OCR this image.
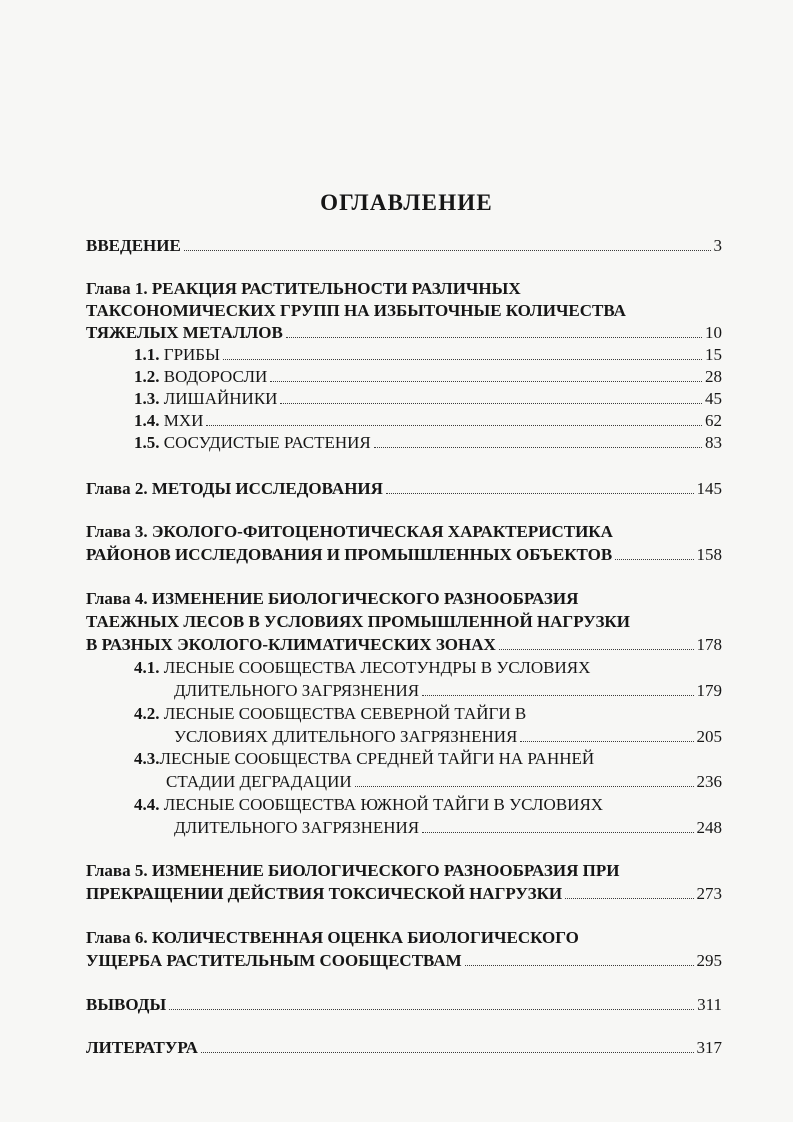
ОГЛАВЛЕНИЕ
ВВЕДЕНИЕ	3
Глава 1. РЕАКЦИЯ РАСТИТЕЛЬНОСТИ РАЗЛИЧНЫХ
ТАКСОНОМИЧЕСКИХ ГРУПП НА ИЗБЫТОЧНЫЕ КОЛИЧЕСТВА
ТЯЖЕЛЫХ МЕТАЛЛОВ	10
1.1. ГРИБЫ	15
1.2. ВОДОРОСЛИ	28
1.3. ЛИШАЙНИКИ	45
1.4. МХИ	62
1.5. СОСУДИСТЫЕ РАСТЕНИЯ	83
Глава 2. МЕТОДЫ ИССЛЕДОВАНИЯ	145
Глава 3. ЭКОЛОГО-ФИТОЦЕНОТИЧЕСКАЯ ХАРАКТЕРИСТИКА
РАЙОНОВ ИССЛЕДОВАНИЯ И ПРОМЫШЛЕННЫХ ОБЪЕКТОВ	158
Глава 4. ИЗМЕНЕНИЕ БИОЛОГИЧЕСКОГО РАЗНООБРАЗИЯ
ТАЕЖНЫХ ЛЕСОВ В УСЛОВИЯХ ПРОМЫШЛЕННОЙ НАГРУЗКИ
В РАЗНЫХ ЭКОЛОГО-КЛИМАТИЧЕСКИХ ЗОНАХ	178
4.1.
ЛЕСНЫЕ СООБЩЕСТВА ЛЕСОТУНДРЫ В УСЛОВИЯХ
ДЛИТЕЛЬНОГО ЗАГРЯЗНЕНИЯ	179
4.2.
ЛЕСНЫЕ СООБЩЕСТВА СЕВЕРНОЙ ТАЙГИ В
УСЛОВИЯХ ДЛИТЕЛЬНОГО ЗАГРЯЗНЕНИЯ	205
4.3. ЛЕСНЫЕ СООБЩЕСТВА СРЕДНЕЙ ТАЙГИ НА РАННЕЙ
СТАДИИ ДЕГРАДАЦИИ	236
4.4.
ЛЕСНЫЕ СООБЩЕСТВА ЮЖНОЙ ТАЙГИ В УСЛОВИЯХ
ДЛИТЕЛЬНОГО ЗАГРЯЗНЕНИЯ	248
Глава 5. ИЗМЕНЕНИЕ БИОЛОГИЧЕСКОГО РАЗНООБРАЗИЯ ПРИ
ПРЕКРАЩЕНИИ ДЕЙСТВИЯ ТОКСИЧЕСКОЙ НАГРУЗКИ	273
Глава 6. КОЛИЧЕСТВЕННАЯ ОЦЕНКА БИОЛОГИЧЕСКОГО
УЩЕРБА РАСТИТЕЛЬНЫМ СООБЩЕСТВАМ	295
ВЫВОДЫ	311
ЛИТЕРАТУРА	317
